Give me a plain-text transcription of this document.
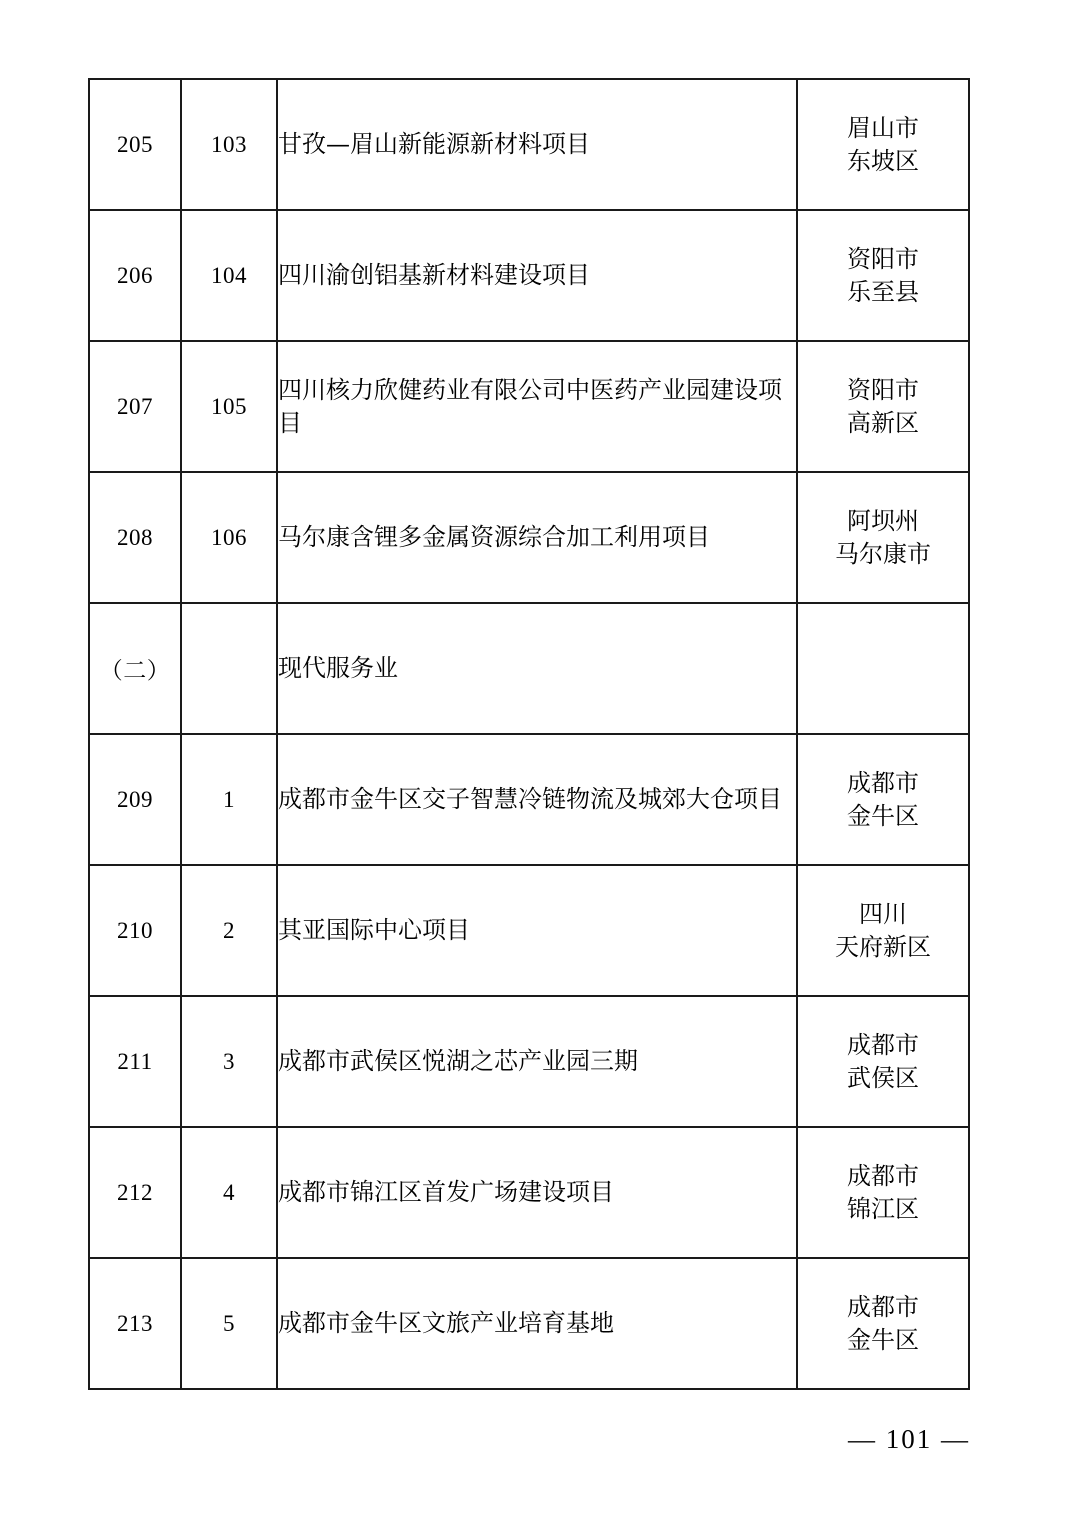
205	103	甘孜—眉山新能源新材料项目	眉山市
东坡区

206	104	四川渝创铝基新材料建设项目	资阳市
乐至县

207	105	四川核力欣健药业有限公司中医药产业园建设项目	资阳市
高新区

208	106	马尔康含锂多金属资源综合加工利用项目	阿坝州
马尔康市

（二）		现代服务业	

209	1	成都市金牛区交子智慧冷链物流及城郊大仓项目	成都市
金牛区

210	2	其亚国际中心项目	四川
天府新区

211	3	成都市武侯区悦湖之芯产业园三期	成都市
武侯区

212	4	成都市锦江区首发广场建设项目	成都市
锦江区

213	5	成都市金牛区文旅产业培育基地	成都市
金牛区
— 101 —
